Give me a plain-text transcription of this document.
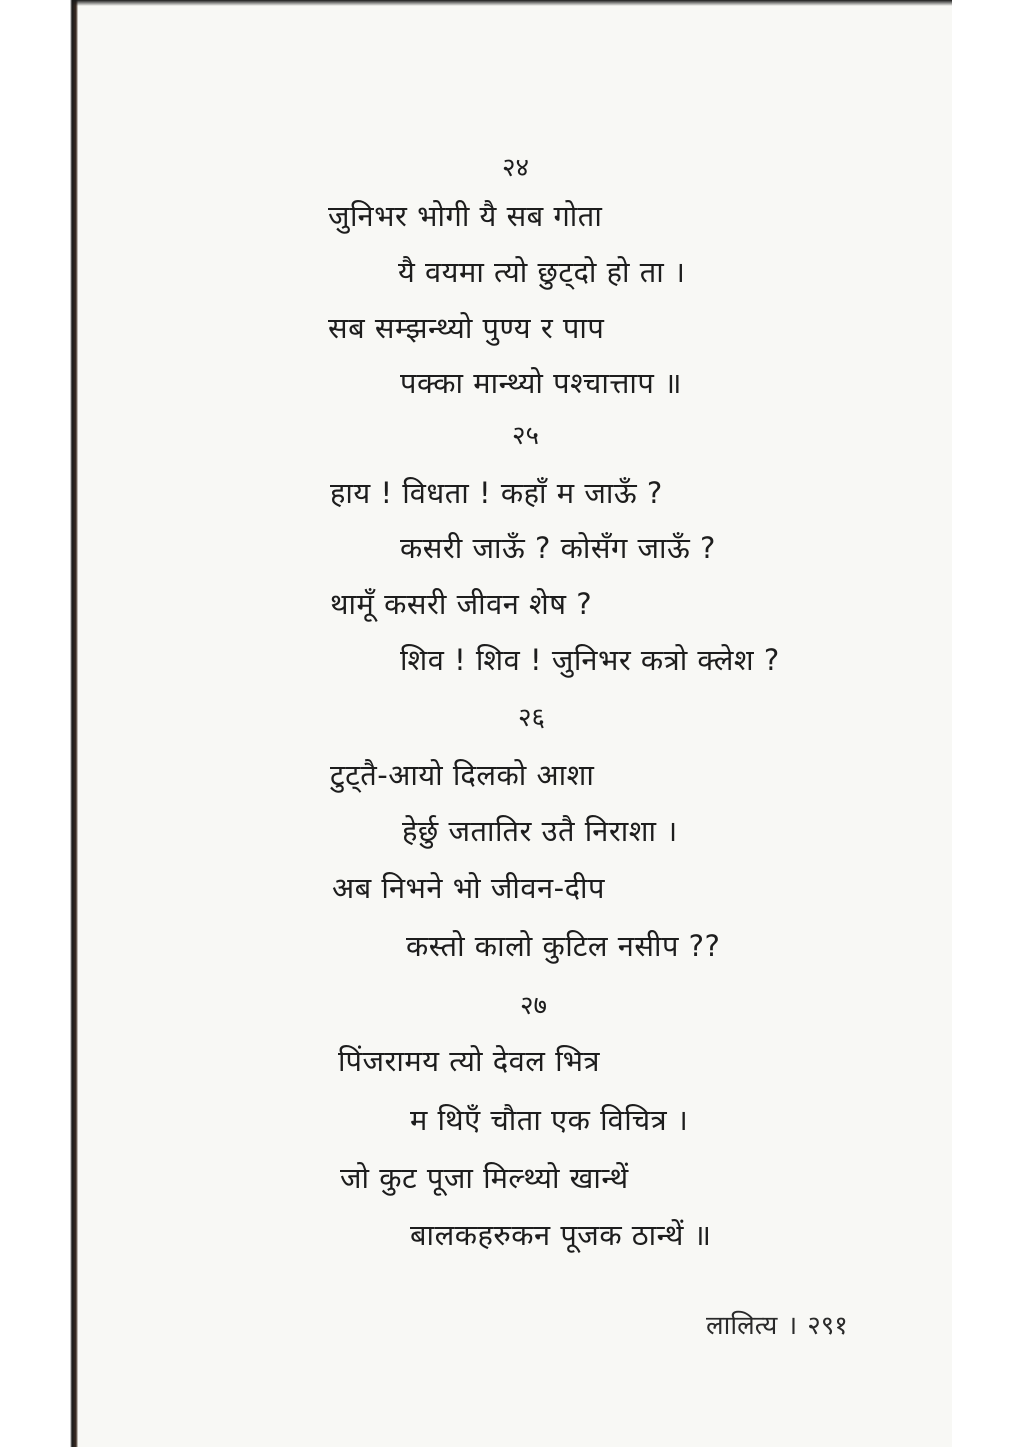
२४
जुनिभर भोगी यै सब गोता
यै वयमा त्यो छुट्दो हो ता ।
सब सम्झन्थ्यो पुण्य र पाप
पक्का मान्थ्यो पश्चात्ताप ॥
२५
हाय ! विधता ! कहाँ म जाऊँ ?
कसरी जाऊँ ? कोसँग जाऊँ ?
थामूँ कसरी जीवन शेष ?
शिव ! शिव ! जुनिभर कत्रो क्लेश ?
२६
टुट्तै-आयो दिलको आशा
हेर्छु जतातिर उतै निराशा ।
अब निभने भो जीवन-दीप
कस्तो कालो कुटिल नसीप ??
२७
पिंजरामय त्यो देवल भित्र
म थिएँ चौता एक विचित्र ।
जो कुट पूजा मिल्थ्यो खान्थें
बालकहरुकन पूजक ठान्थें ॥
लालित्य । २९१
